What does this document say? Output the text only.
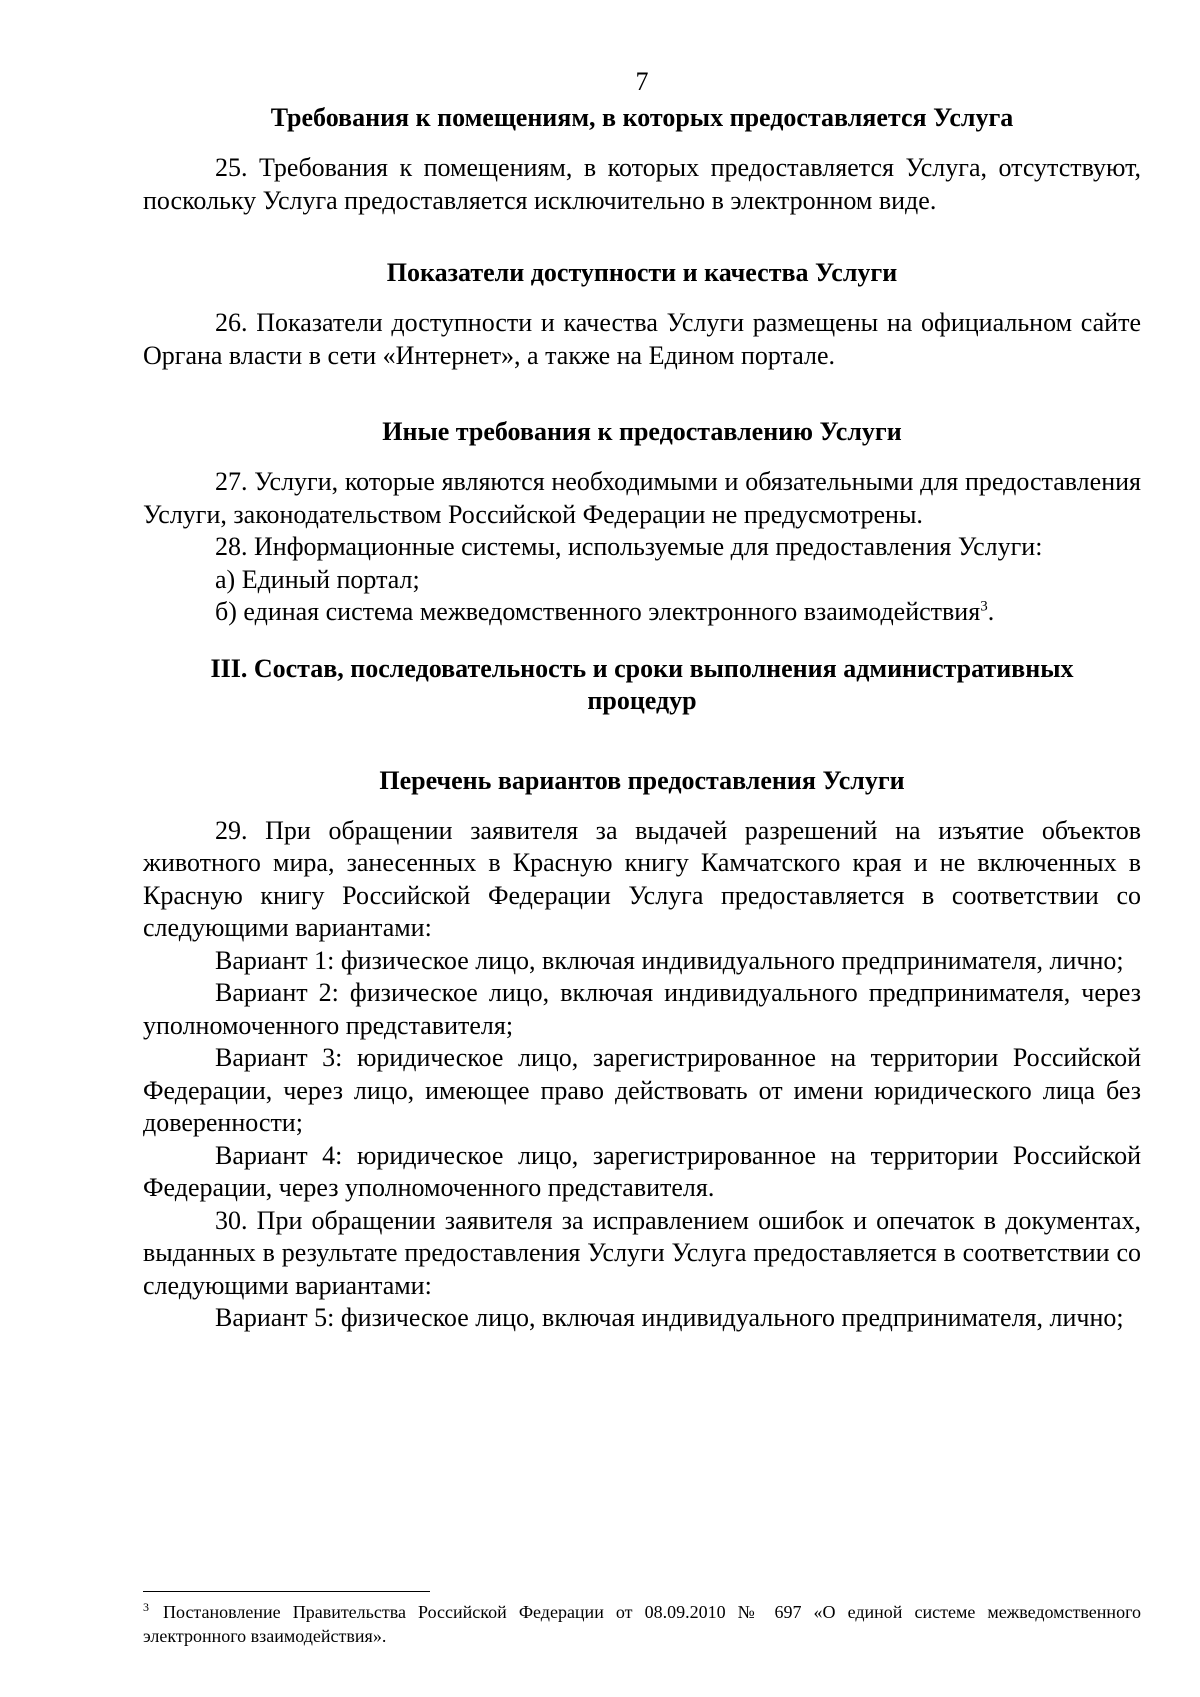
7
Требования к помещениям, в которых предоставляется Услуга

25. Требования к помещениям, в которых предоставляется Услуга, отсутствуют, поскольку Услуга предоставляется исключительно в электронном виде.

Показатели доступности и качества Услуги

26. Показатели доступности и качества Услуги размещены на официальном сайте Органа власти в сети «Интернет», а также на Едином портале.

Иные требования к предоставлению Услуги

27. Услуги, которые являются необходимыми и обязательными для предоставления Услуги, законодательством Российской Федерации не предусмотрены.

28. Информационные системы, используемые для предоставления Услуги:

а) Единый портал;

б) единая система межведомственного электронного взаимодействия$^3$.

III. Состав, последовательность и сроки выполнения административных процедур
Перечень вариантов предоставления Услуги

29. При обращении заявителя за выдачей разрешений на изъятие объектов животного мира, занесенных в Красную книгу Камчатского края и не включенных в Красную книгу Российской Федерации Услуга предоставляется в соответствии со следующими вариантами:

Вариант 1: физическое лицо, включая индивидуального предпринимателя, лично;

Вариант 2: физическое лицо, включая индивидуального предпринимателя, через уполномоченного представителя;

Вариант 3: юридическое лицо, зарегистрированное на территории Российской Федерации, через лицо, имеющее право действовать от имени юридического лица без доверенности;

Вариант 4: юридическое лицо, зарегистрированное на территории Российской Федерации, через уполномоченного представителя.

30. При обращении заявителя за исправлением ошибок и опечаток в документах, выданных в результате предоставления Услуги Услуга предоставляется в соответствии со следующими вариантами:

Вариант 5: физическое лицо, включая индивидуального предпринимателя, лично;

$^3$ Постановление Правительства Российской Федерации от 08.09.2010 № 697 «О единой системе межведомственного электронного взаимодействия».
